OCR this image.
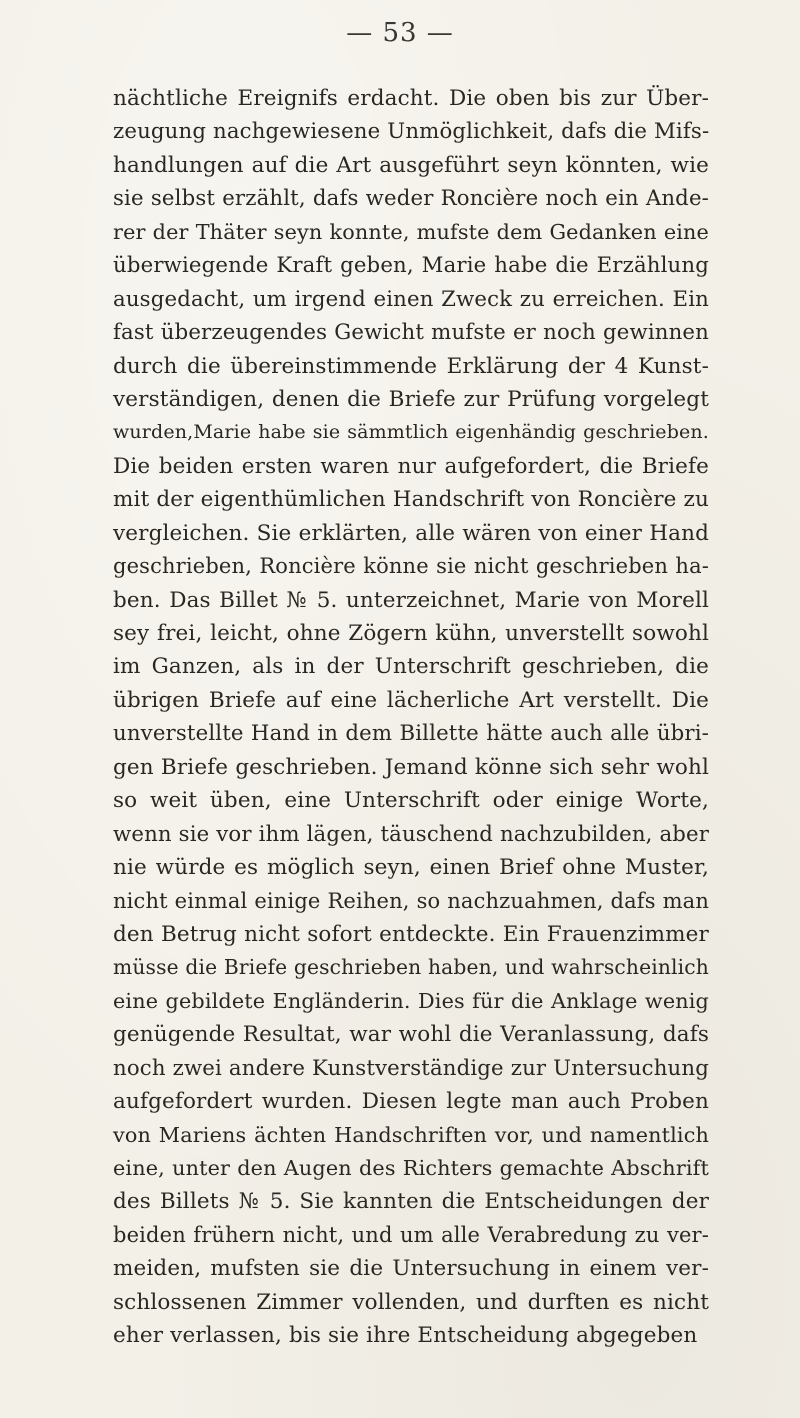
— 53 —
nächtliche Ereignifs erdacht. Die oben bis zur Über-
zeugung nachgewiesene Unmöglichkeit, dafs die Mifs-
handlungen auf die Art ausgeführt seyn könnten, wie
sie selbst erzählt, dafs weder Roncière noch ein Ande-
rer der Thäter seyn konnte, mufste dem Gedanken eine
überwiegende Kraft geben, Marie habe die Erzählung
ausgedacht, um irgend einen Zweck zu erreichen. Ein
fast überzeugendes Gewicht mufste er noch gewinnen
durch die übereinstimmende Erklärung der 4 Kunst-
verständigen, denen die Briefe zur Prüfung vorgelegt
wurden,Marie habe sie sämmtlich eigenhändig geschrieben.
Die beiden ersten waren nur aufgefordert, die Briefe
mit der eigenthümlichen Handschrift von Roncière zu
vergleichen. Sie erklärten, alle wären von einer Hand
geschrieben, Roncière könne sie nicht geschrieben ha-
ben. Das Billet № 5. unterzeichnet, Marie von Morell
sey frei, leicht, ohne Zögern kühn, unverstellt sowohl
im Ganzen, als in der Unterschrift geschrieben, die
übrigen Briefe auf eine lächerliche Art verstellt. Die
unverstellte Hand in dem Billette hätte auch alle übri-
gen Briefe geschrieben. Jemand könne sich sehr wohl
so weit üben, eine Unterschrift oder einige Worte,
wenn sie vor ihm lägen, täuschend nachzubilden, aber
nie würde es möglich seyn, einen Brief ohne Muster,
nicht einmal einige Reihen, so nachzuahmen, dafs man
den Betrug nicht sofort entdeckte. Ein Frauenzimmer
müsse die Briefe geschrieben haben, und wahrscheinlich
eine gebildete Engländerin. Dies für die Anklage wenig
genügende Resultat, war wohl die Veranlassung, dafs
noch zwei andere Kunstverständige zur Untersuchung
aufgefordert wurden. Diesen legte man auch Proben
von Mariens ächten Handschriften vor, und namentlich
eine, unter den Augen des Richters gemachte Abschrift
des Billets № 5. Sie kannten die Entscheidungen der
beiden frühern nicht, und um alle Verabredung zu ver-
meiden, mufsten sie die Untersuchung in einem ver-
schlossenen Zimmer vollenden, und durften es nicht
eher verlassen, bis sie ihre Entscheidung abgegeben
